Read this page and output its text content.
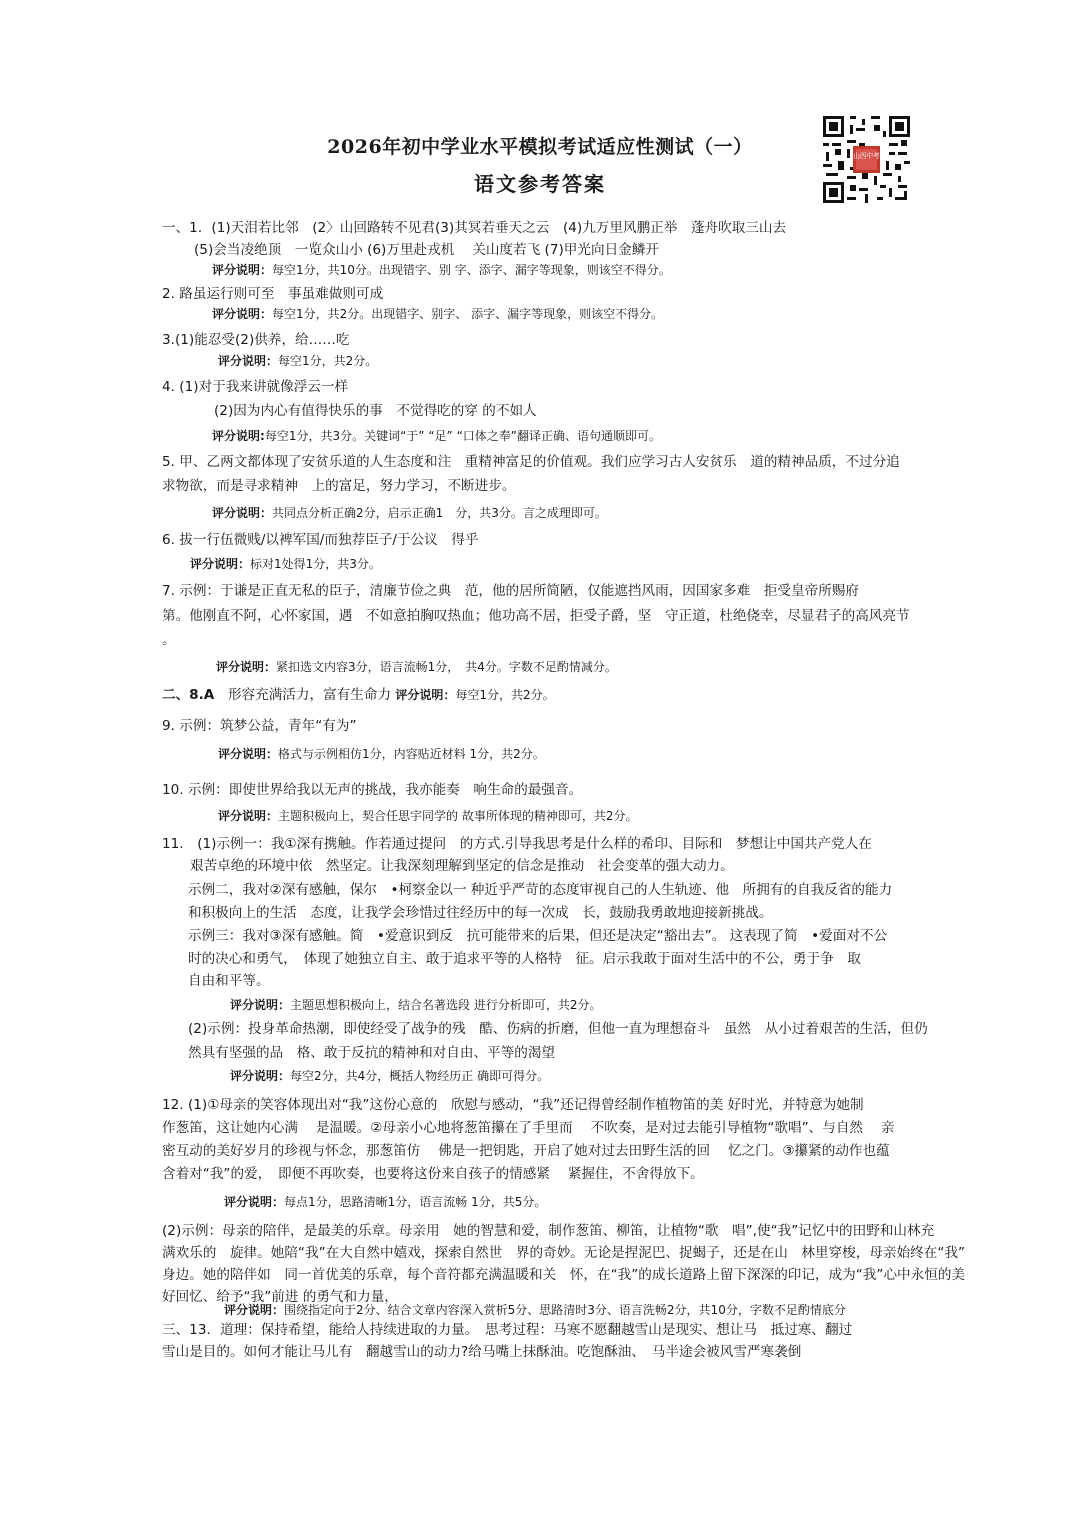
2026年初中学业水平模拟考试适应性测试（一）
语文参考答案
山西中考
一、1．(1)天泪若比邻　(2〉山回路转不见君(3)其冥若垂天之云　(4)九万里风鹏正举　蓬舟吹取三山去
(5)会当凌绝顶　一览众山小 (6)万里赴戎机　 关山度若飞 (7)甲光向日金鳞开
评分说明：每空1分，共10分。出现错字、别 字、添字、漏字等现象，则该空不得分。
2. 路虽运行则可至　事虽难做则可成
评分说明：每空1分，共2分。出现错字、别字、 添字、漏字等现象，则该空不得分。
3.(1)能忍受(2)供养，给……吃
评分说明：每空1分，共2分。
4. (1)对于我来讲就像浮云一样
(2)因为内心有值得快乐的事　不觉得吃的穿 的不如人
评分说明:每空1分，共3分。关键词“于” “足” “口体之奉”翻译正确、语句通顺即可。
5. 甲、乙两文都体现了安贫乐道的人生态度和注　重精神富足的价值观。我们应学习古人安贫乐　道的精神品质，不过分追
求物欲，而是寻求精神　上的富足，努力学习，不断进步。
评分说明：共同点分析正确2分，启示正确1　分，共3分。言之成理即可。
6. 拔一行伍微贱/以裨军国/而独荐臣子/于公议　得乎
评分说明：标对1处得1分，共3分。
7. 示例：于谦是正直无私的臣子，清廉节俭之典　范，他的居所简陋，仅能遮挡风雨，因国家多难　拒受皇帝所赐府
第。他刚直不阿，心怀家国，遇　不如意拍胸叹热血；他功高不居，拒受子爵，坚　守正道，杜绝侥幸，尽显君子的高风亮节
。
评分说明：紧扣选文内容3分，语言流畅1分，　共4分。字数不足酌情减分。
二、8.A　 形容充满活力，富有生命力 评分说明：每空1分，共2分。
9. 示例：筑梦公益，青年“有为”
评分说明：格式与示例相仿1分，内容贴近材料 1分，共2分。
10. 示例：即使世界给我以无声的挑战，我亦能奏　响生命的最强音。
评分说明：主题积极向上，契合任思宇同学的 故事所体现的精神即可，共2分。
11.　(1)示例一：我①深有携触。作若通过提问　的方式.引导我思考是什么样的希印、目际和　梦想让中国共产党人在
艰苦卓绝的环境中依　然坚定。让我深刻理解到坚定的信念是推动　社会变革的强大动力。
示例二，我对②深有感触，保尔　•柯察金以一 种近乎严苛的态度审视自己的人生轨迹、他　所拥有的自我反省的能力
和积极向上的生活　态度，让我学会珍惜过往经历中的每一次成　长，鼓励我勇敢地迎接新挑战。
示例三：我对③深有感触。简　•爱意识到反　抗可能带来的后果，但还是决定“豁出去”。 这表现了简　•爱面对不公
时的决心和勇气，　体现了她独立自主、敢于追求平等的人格特　征。启示我敢于面对生活中的不公，勇于争　取
自由和平等。
评分说明：主题思想积极向上，结合名著选段 进行分析即可，共2分。
(2)示例：投身革命热潮，即使经受了战争的残　酷、伤病的折磨，但他一直为理想奋斗　虽然　从小过着艰苦的生活，但仍
然具有坚强的品　格、敢于反抗的精神和对自由、平等的渴望
评分说明：每空2分，共4分，概括人物经历正 确即可得分。
12. (1)①母亲的笑容体现出对“我”这份心意的　欣慰与感动，“我”还记得曾经制作植物笛的美 好时光，并特意为她制
作葱笛，这让她内心满　 是温暖。②母亲小心地将葱笛攥在了手里而　 不吹奏，是对过去能引导植物“歌唱”、与自然　 亲
密互动的美好岁月的珍视与怀念，那葱笛仿　 佛是一把钥匙，开启了她对过去田野生活的回　 忆之门。③攥紧的动作也蕴
含着对“我”的爱，　即便不再吹奏，也要将这份来自孩子的情感紧　 紧握住，不舍得放下。
评分说明：每点1分，思路清晰1分，语言流畅 1分，共5分。
(2)示例：母亲的陪伴，是最美的乐章。母亲用　她的智慧和爱，制作葱笛、柳笛，让植物“歌　唱”,使“我”记忆中的田野和山林充
满欢乐的　旋律。她陪“我”在大自然中嬉戏，探索自然世　界的奇妙。无论是捏泥巴、捉蝎子，还是在山　林里穿梭，母亲始终在“我”
身边。她的陪伴如　同一首优美的乐章，每个音符都充满温暖和关　怀，在“我”的成长道路上留下深深的印记，成为“我”心中永恒的美
好回忆、给予“我”前进 的勇气和力量，
评分说明：围绕指定向于2分、结合文章内容深入赏析5分、思路清时3分、语言洗畅2分，共10分，字数不足酌情底分
三、13．道理：保持希望，能给人持续进取的力量。　思考过程：马寒不愿翻越雪山是现实、想让马　抵过寒、翻过
雪山是目的。如何才能让马儿有　翻越雪山的动力?给马嘴上抹酥油。吃饱酥油、　马半途会被风雪严寒袭倒
